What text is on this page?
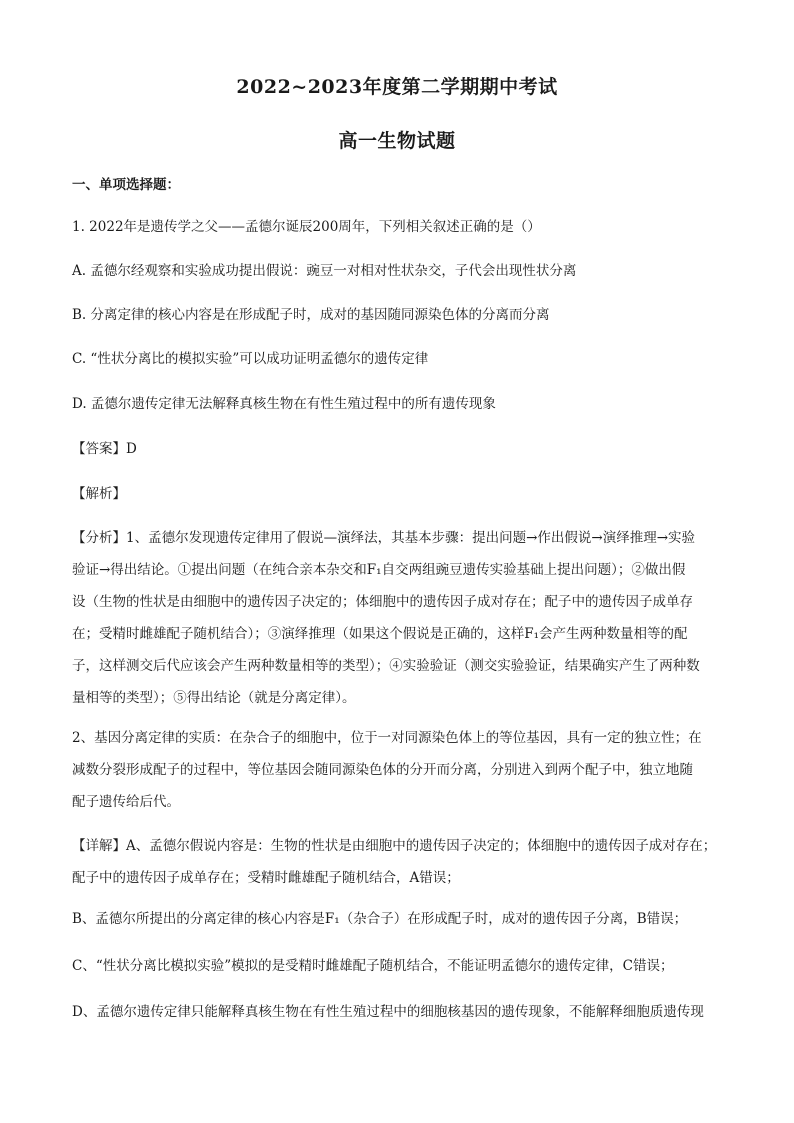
2022~2023年度第二学期期中考试
高一生物试题
一、单项选择题：
1. 2022年是遗传学之父——孟德尔诞辰200周年，下列相关叙述正确的是（）
A. 孟德尔经观察和实验成功提出假说：豌豆一对相对性状杂交，子代会出现性状分离
B. 分离定律的核心内容是在形成配子时，成对的基因随同源染色体的分离而分离
C. “性状分离比的模拟实验”可以成功证明孟德尔的遗传定律
D. 孟德尔遗传定律无法解释真核生物在有性生殖过程中的所有遗传现象
【答案】D
【解析】
【分析】1、孟德尔发现遗传定律用了假说—演绎法，其基本步骤：提出问题→作出假说→演绎推理→实验
验证→得出结论。①提出问题（在纯合亲本杂交和F₁自交两组豌豆遗传实验基础上提出问题）；②做出假
设（生物的性状是由细胞中的遗传因子决定的；体细胞中的遗传因子成对存在；配子中的遗传因子成单存
在；受精时雌雄配子随机结合）；③演绎推理（如果这个假说是正确的，这样F₁会产生两种数量相等的配
子，这样测交后代应该会产生两种数量相等的类型）；④实验验证（测交实验验证，结果确实产生了两种数
量相等的类型）；⑤得出结论（就是分离定律）。
2、基因分离定律的实质：在杂合子的细胞中，位于一对同源染色体上的等位基因，具有一定的独立性；在
减数分裂形成配子的过程中，等位基因会随同源染色体的分开而分离，分别进入到两个配子中，独立地随
配子遗传给后代。
【详解】A、孟德尔假说内容是：生物的性状是由细胞中的遗传因子决定的；体细胞中的遗传因子成对存在；
配子中的遗传因子成单存在；受精时雌雄配子随机结合，A错误；
B、孟德尔所提出的分离定律的核心内容是F₁（杂合子）在形成配子时，成对的遗传因子分离，B错误；
C、“性状分离比模拟实验”模拟的是受精时雌雄配子随机结合，不能证明孟德尔的遗传定律，C错误；
D、孟德尔遗传定律只能解释真核生物在有性生殖过程中的细胞核基因的遗传现象，不能解释细胞质遗传现
